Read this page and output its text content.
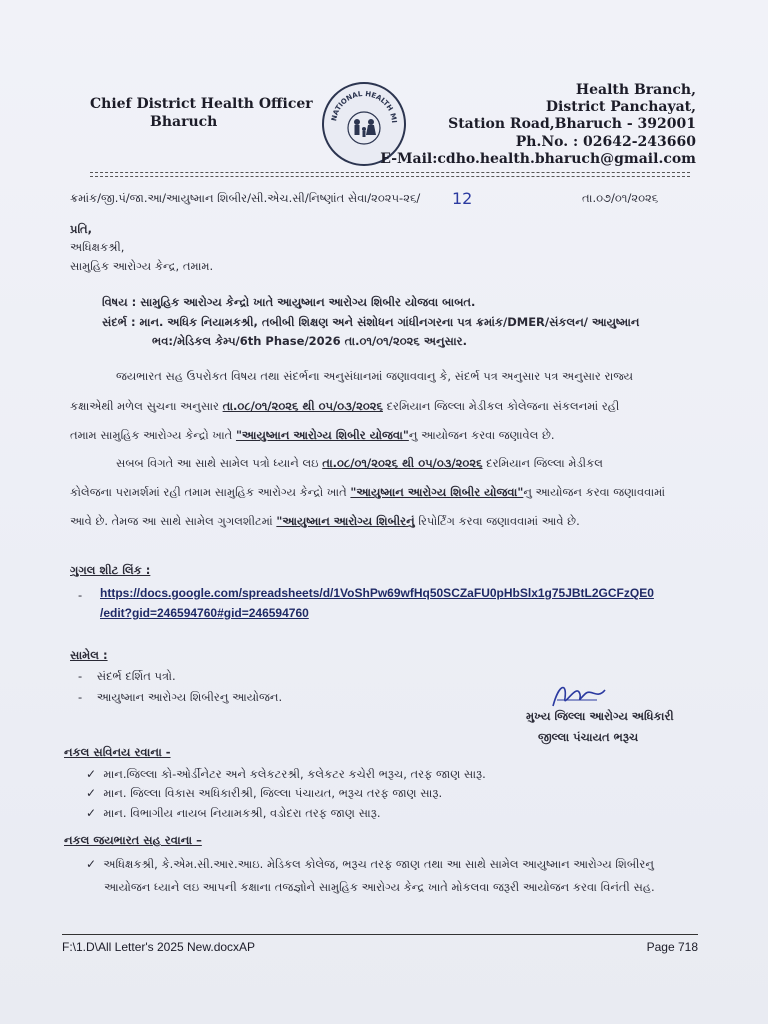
Chief District Health Officer
Bharuch	NATIONAL HEALTH MI
Health Branch,
District Panchayat,
Station Road,Bharuch - 392001
Ph.No. : 02642-243660
E-Mail:cdho.health.bharuch@gmail.com
ક્રમાંક/જી.પં/જા.આ/આયુષ્માન શિબીર/સી.એચ.સી/નિષ્ણાંત સેવા/૨૦૨૫-૨૬/ 12	તા.૦૭/૦૧/૨૦૨૬
પ્રતિ,
અધિક્ષકશ્રી,
સામુહિક આરોગ્ય કેન્દ્ર, તમામ.
વિષય : સામુહિક આરોગ્ય કેન્દ્રો ખાતે આયુષ્માન આરોગ્ય શિબીર યોજવા બાબત.
સંદર્ભ : માન. અધિક નિયામકશ્રી, તબીબી શિક્ષણ અને સંશોધન ગાંધીનગરના પત્ર ક્રમાંક/DMER/સંકલન/ આયુષ્માન
ભવ:/મેડિકલ કેમ્પ/6th Phase/2026 તા.૦૧/૦૧/૨૦૨૬ અનુસાર.
જયભારત સહ ઉપરોકત વિષય તથા સંદર્ભના અનુસંધાનમાં જણાવવાનુ કે, સંદર્ભ પત્ર અનુસાર પત્ર અનુસાર રાજ્ય
કક્ષાએથી મળેલ સુચના અનુસાર તા.૦૮/૦૧/૨૦૨૬ થી ૦૫/૦૩/૨૦૨૬ દરમિયાન જિલ્લા મેડીકલ કોલેજના સંકલનમાં રહી
તમામ સામુહિક આરોગ્ય કેન્દ્રો ખાતે "આયુષ્માન આરોગ્ય શિબીર યોજવા"નુ આયોજન કરવા જણાવેલ છે.
સબબ વિગતે આ સાથે સામેલ પત્રો ધ્યાને લઇ તા.૦૮/૦૧/૨૦૨૬ થી ૦૫/૦૩/૨૦૨૬ દરમિયાન જિલ્લા મેડીકલ
કોલેજના પરામર્શમાં રહી તમામ સામુહિક આરોગ્ય કેન્દ્રો ખાતે "આયુષ્માન આરોગ્ય શિબીર યોજવા"નુ આયોજન કરવા જણાવવામાં
આવે છે. તેમજ આ સાથે સામેલ ગુગલશીટમાં "આયુષ્માન આરોગ્ય શિબીરનું રિપોર્ટિંગ કરવા જણાવવામાં આવે છે.
ગુગલ શીટ લિંક :
- https://docs.google.com/spreadsheets/d/1VoShPw69wfHq50SCZaFU0pHbSlx1g75JBtL2GCFzQE0
/edit?gid=246594760#gid=246594760
સામેલ :
-    સંદર્ભ દર્શિત પત્રો.
-    આયુષ્માન આરોગ્ય શિબીરનુ આયોજન.
મુખ્ય જિલ્લા આરોગ્ય અધિકારી
જીલ્લા પંચાયત ભરૂચ
નકલ સવિનય રવાના -
✓ માન.જિલ્લા કો-ઓર્ડીનેટર અને કલેકટરશ્રી, કલેકટર કચેરી ભરૂચ, તરફ જાણ સારૂ.
✓ માન. જિલ્લા વિકાસ અધિકારીશ્રી, જિલ્લા પંચાયત, ભરૂચ તરફ જાણ સારૂ.
✓ માન. વિભાગીય નાયબ નિયામકશ્રી, વડોદરા તરફ જાણ સારૂ.
નકલ જયભારત સહ રવાના –
✓ અધિક્ષકશ્રી, કે.એમ.સી.આર.આઇ. મેડિકલ કોલેજ, ભરૂચ તરફ જાણ તથા આ સાથે સામેલ આયુષ્માન આરોગ્ય શિબીરનુ
આયોજન ધ્યાને લઇ આપની કક્ષાના તજજ્ઞોને સામુહિક આરોગ્ય કેન્દ્ર ખાતે મોકલવા જરૂરી આયોજન કરવા વિનંતી સહ.
F:\1.D\All Letter's 2025 New.docxAP	Page 718
